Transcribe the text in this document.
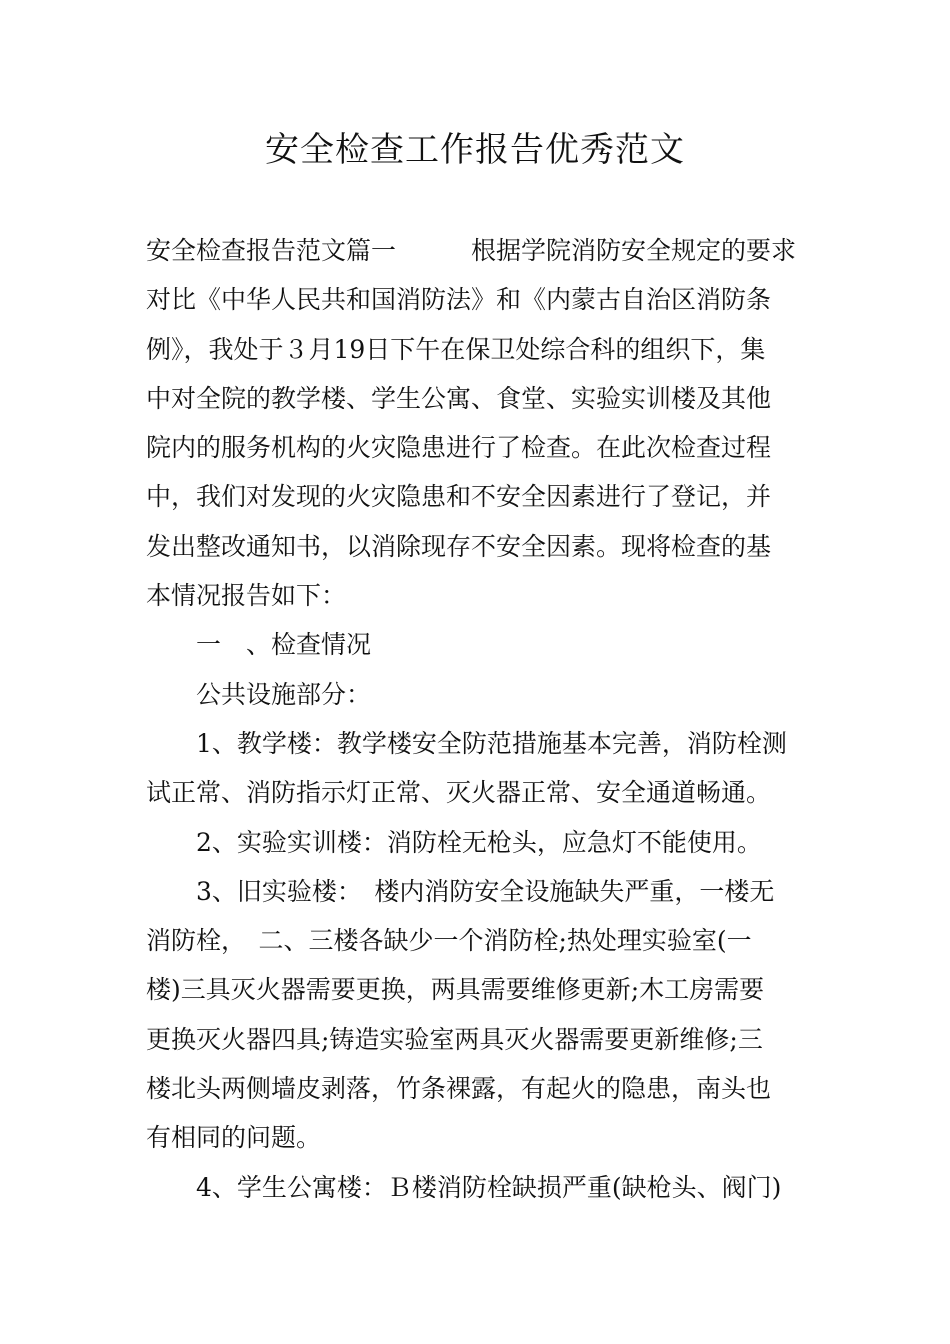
安全检查工作报告优秀范文
安全检查报告范文篇一　　　根据学院消防安全规定的要求
对比《中华人民共和国消防法》和《内蒙古自治区消防条
例》，我处于３月19日下午在保卫处综合科的组织下，集
中对全院的教学楼、学生公寓、食堂、实验实训楼及其他
院内的服务机构的火灾隐患进行了检查。在此次检查过程
中，我们对发现的火灾隐患和不安全因素进行了登记，并
发出整改通知书，以消除现存不安全因素。现将检查的基
本情况报告如下：
一　、检查情况
公共设施部分：
1、教学楼：教学楼安全防范措施基本完善，消防栓测
试正常、消防指示灯正常、灭火器正常、安全通道畅通。
2、实验实训楼：消防栓无枪头，应急灯不能使用。
3、旧实验楼：　楼内消防安全设施缺失严重，一楼无
消防栓，　二、三楼各缺少一个消防栓;热处理实验室(一
楼)三具灭火器需要更换，两具需要维修更新;木工房需要
更换灭火器四具;铸造实验室两具灭火器需要更新维修;三
楼北头两侧墙皮剥落，竹条裸露，有起火的隐患，南头也
有相同的问题。
4、学生公寓楼：Ｂ楼消防栓缺损严重(缺枪头、阀门)
